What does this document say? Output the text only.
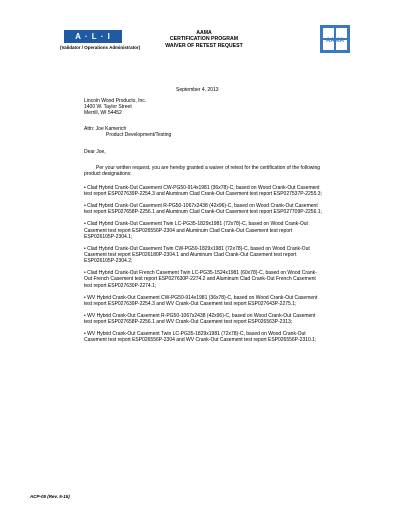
A · L · I
(Validator / Operations Administrator)
AAMA
CERTIFICATION PROGRAM
WAIVER OF RETEST REQUEST
AAMA
September 4, 2013
Lincoln Wood Products, Inc.
1400 W. Taylor Street
Merrill, WI 54452
Attn: Joe Kamerich
Product Development/Testing
Dear Joe,

Per your written request, you are hereby granted a waiver of retest for the certification of the following product designations:

• Clad Hybrid Crank-Out Casement CW-PG50-914x1981 (36x78)-C, based on Wood Crank-Out Casement test report ESP027639P-2254.3 and Aluminum Clad Crank-Out Casement test report ESP027537P-2255.3;

• Clad Hybrid Crank-Out Casement R-PG50-1067x2438 (42x96)-C, based on Wood Crank-Out Casement test report ESP027658P-2256.1 and Aluminum Clad Crank-Out Casement test report ESP027709P-2256.1;

• Clad Hybrid Crank-Out Casement Twin LC-PG35-1829x1981 (72x78)-C, based on Wood Crank-Out Casement test report ESP026556P-2304 and Aluminum Clad Crank-Out Casement test report ESP026105P-2304.1;

• Clad Hybrid Crank-Out Casement Twin CW-PG50-1829x1981 (72x78)-C, based on Wood Crank-Out Casement test report ESP026180P-2304.1 and Aluminum Clad Crank-Out Casement test report ESP026105P-2304.2;

• Clad Hybrid Crank-Out French Casement Twin LC-PG35-1524x1981 (60x78)-C, based on Wood Crank-Out French Casement test report ESP027630P-2274.2 and Aluminum Clad Crank-Out French Casement test report ESP027630P-2274.1;

• WV Hybrid Crank-Out Casement CW-PG50-914x1981 (36x78)-C, based on Wood Crank-Out Casement test report ESP027639P-2254.3 and WV Crank-Out Casement test report ESP027643P-2275.1;

• WV Hybrid Crank-Out Casement R-PG50-1067x2438 (42x96)-C, based on Wood Crank-Out Casement test report ESP027658P-2256.1 and WV Crank-Out Casement test report ESP026563P-2313;

• WV Hybrid Crank-Out Casement Twin LC-PG35-1829x1981 (72x78)-C, based on Wood Crank-Out Casement test report ESP026556P-2304 and WV Crank-Out Casement test report ESP026556P-2310.1;

ACP-05 (Rev. 5-15)
